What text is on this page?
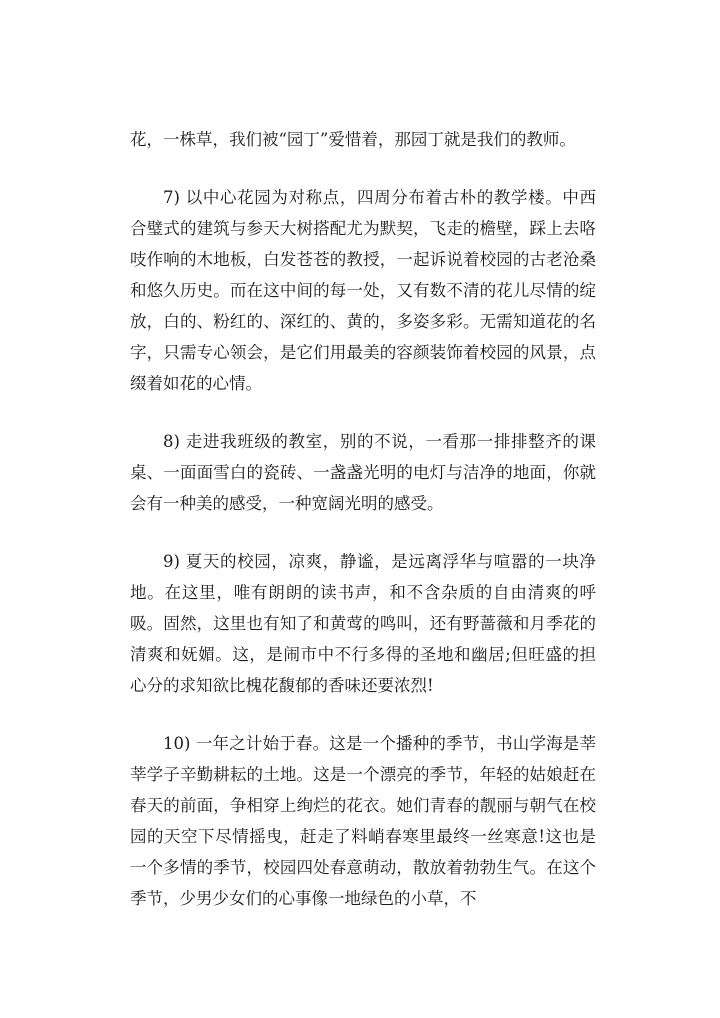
花，一株草，我们被“园丁”爱惜着，那园丁就是我们的教师。

7) 以中心花园为对称点，四周分布着古朴的教学楼。中西合璧式的建筑与参天大树搭配尤为默契，飞走的檐壁，踩上去咯吱作响的木地板，白发苍苍的教授，一起诉说着校园的古老沧桑和悠久历史。而在这中间的每一处，又有数不清的花儿尽情的绽放，白的、粉红的、深红的、黄的，多姿多彩。无需知道花的名字，只需专心领会，是它们用最美的容颜装饰着校园的风景，点缀着如花的心情。

8) 走进我班级的教室，别的不说，一看那一排排整齐的课桌、一面面雪白的瓷砖、一盏盏光明的电灯与洁净的地面，你就会有一种美的感受，一种宽阔光明的感受。

9) 夏天的校园，凉爽，静谧，是远离浮华与喧嚣的一块净地。在这里，唯有朗朗的读书声，和不含杂质的自由清爽的呼吸。固然，这里也有知了和黄莺的鸣叫，还有野蔷薇和月季花的清爽和妩媚。这，是闹市中不行多得的圣地和幽居;但旺盛的担心分的求知欲比槐花馥郁的香味还要浓烈!

10) 一年之计始于春。这是一个播种的季节，书山学海是莘莘学子辛勤耕耘的土地。这是一个漂亮的季节，年轻的姑娘赶在春天的前面，争相穿上绚烂的花衣。她们青春的靓丽与朝气在校园的天空下尽情摇曳，赶走了料峭春寒里最终一丝寒意!这也是一个多情的季节，校园四处春意萌动，散放着勃勃生气。在这个季节，少男少女们的心事像一地绿色的小草，不
